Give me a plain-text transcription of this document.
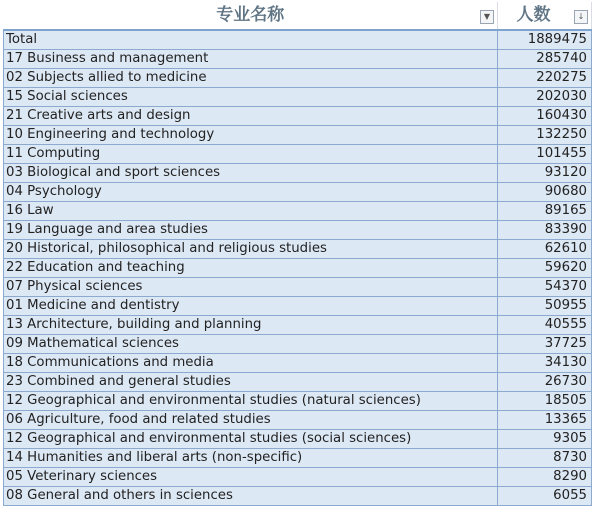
专业名称 ▼	人数 ↓

Total	1889475
17 Business and management	285740
02 Subjects allied to medicine	220275
15 Social sciences	202030
21 Creative arts and design	160430
10 Engineering and technology	132250
11 Computing	101455
03 Biological and sport sciences	93120
04 Psychology	90680
16 Law	89165
19 Language and area studies	83390
20 Historical, philosophical and religious studies	62610
22 Education and teaching	59620
07 Physical sciences	54370
01 Medicine and dentistry	50955
13 Architecture, building and planning	40555
09 Mathematical sciences	37725
18 Communications and media	34130
23 Combined and general studies	26730
12 Geographical and environmental studies (natural sciences)	18505
06 Agriculture, food and related studies	13365
12 Geographical and environmental studies (social sciences)	9305
14 Humanities and liberal arts (non-specific)	8730
05 Veterinary sciences	8290
08 General and others in sciences	6055
